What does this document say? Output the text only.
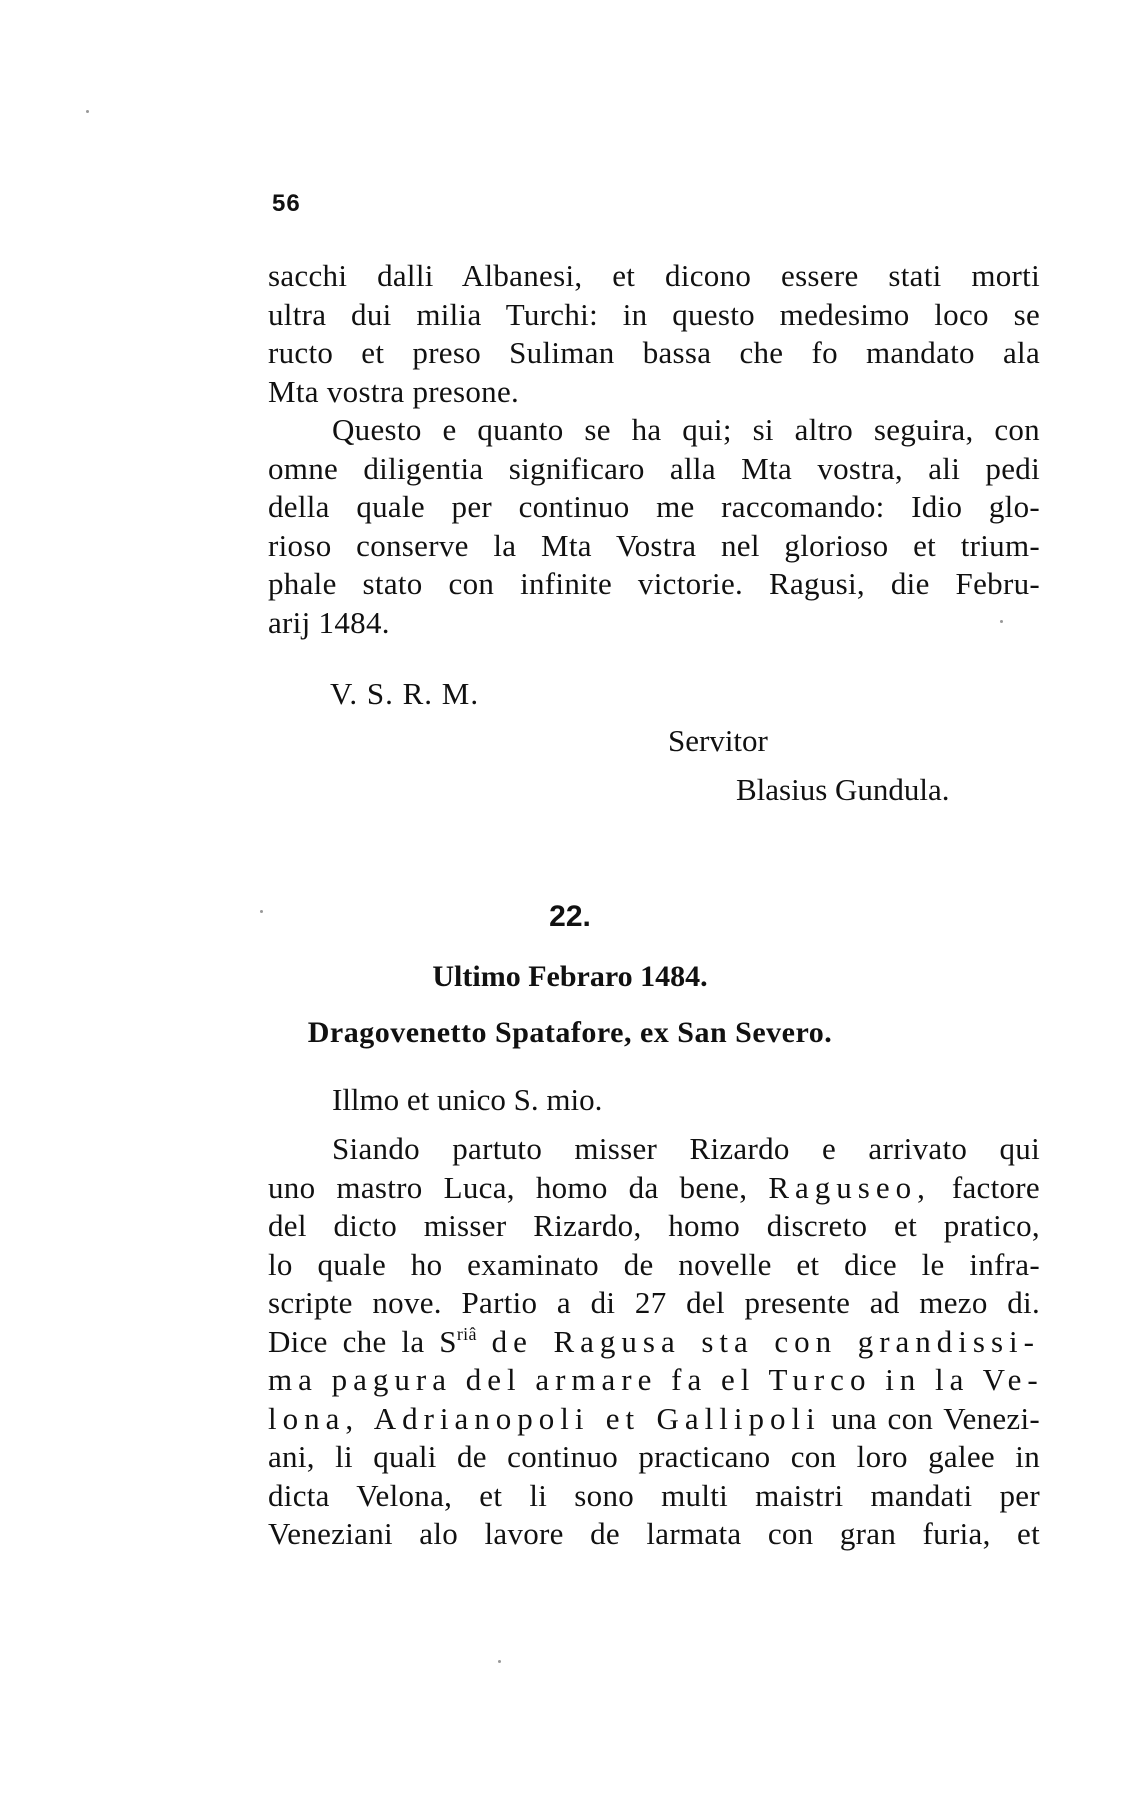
56
sacchi dalli Albanesi, et dicono essere stati morti
ultra dui milia Turchi: in questo medesimo loco se
ructo et preso Suliman bassa che fo mandato ala
Mta vostra presone.
Questo e quanto se ha qui; si altro seguira, con
omne diligentia significaro alla Mta vostra, ali pedi
della quale per continuo me raccomando: Idio glo-
rioso conserve la Mta Vostra nel glorioso et trium-
phale stato con infinite victorie. Ragusi, die Febru-
arij 1484.
V. S. R. M.
Servitor
Blasius Gundula.
22.
Ultimo Febraro 1484.
Dragovenetto Spatafore, ex San Severo.
Illmo et unico S. mio.
Siando partuto misser Rizardo e arrivato qui
uno mastro Luca, homo da bene, Raguseo, factore
del dicto misser Rizardo, homo discreto et pratico,
lo quale ho examinato de novelle et dice le infra-
scripte nove. Partio a di 27 del presente ad mezo di.
Dice che la $S^{riâ}$ de Ragusa sta con grandissi-
ma pagura del armare fa el Turco in la Ve-
lona, Adrianopoli et Gallipoli una con Venezi-
ani, li quali de continuo practicano con loro galee in
dicta Velona, et li sono multi maistri mandati per
Veneziani alo lavore de larmata con gran furia, et
